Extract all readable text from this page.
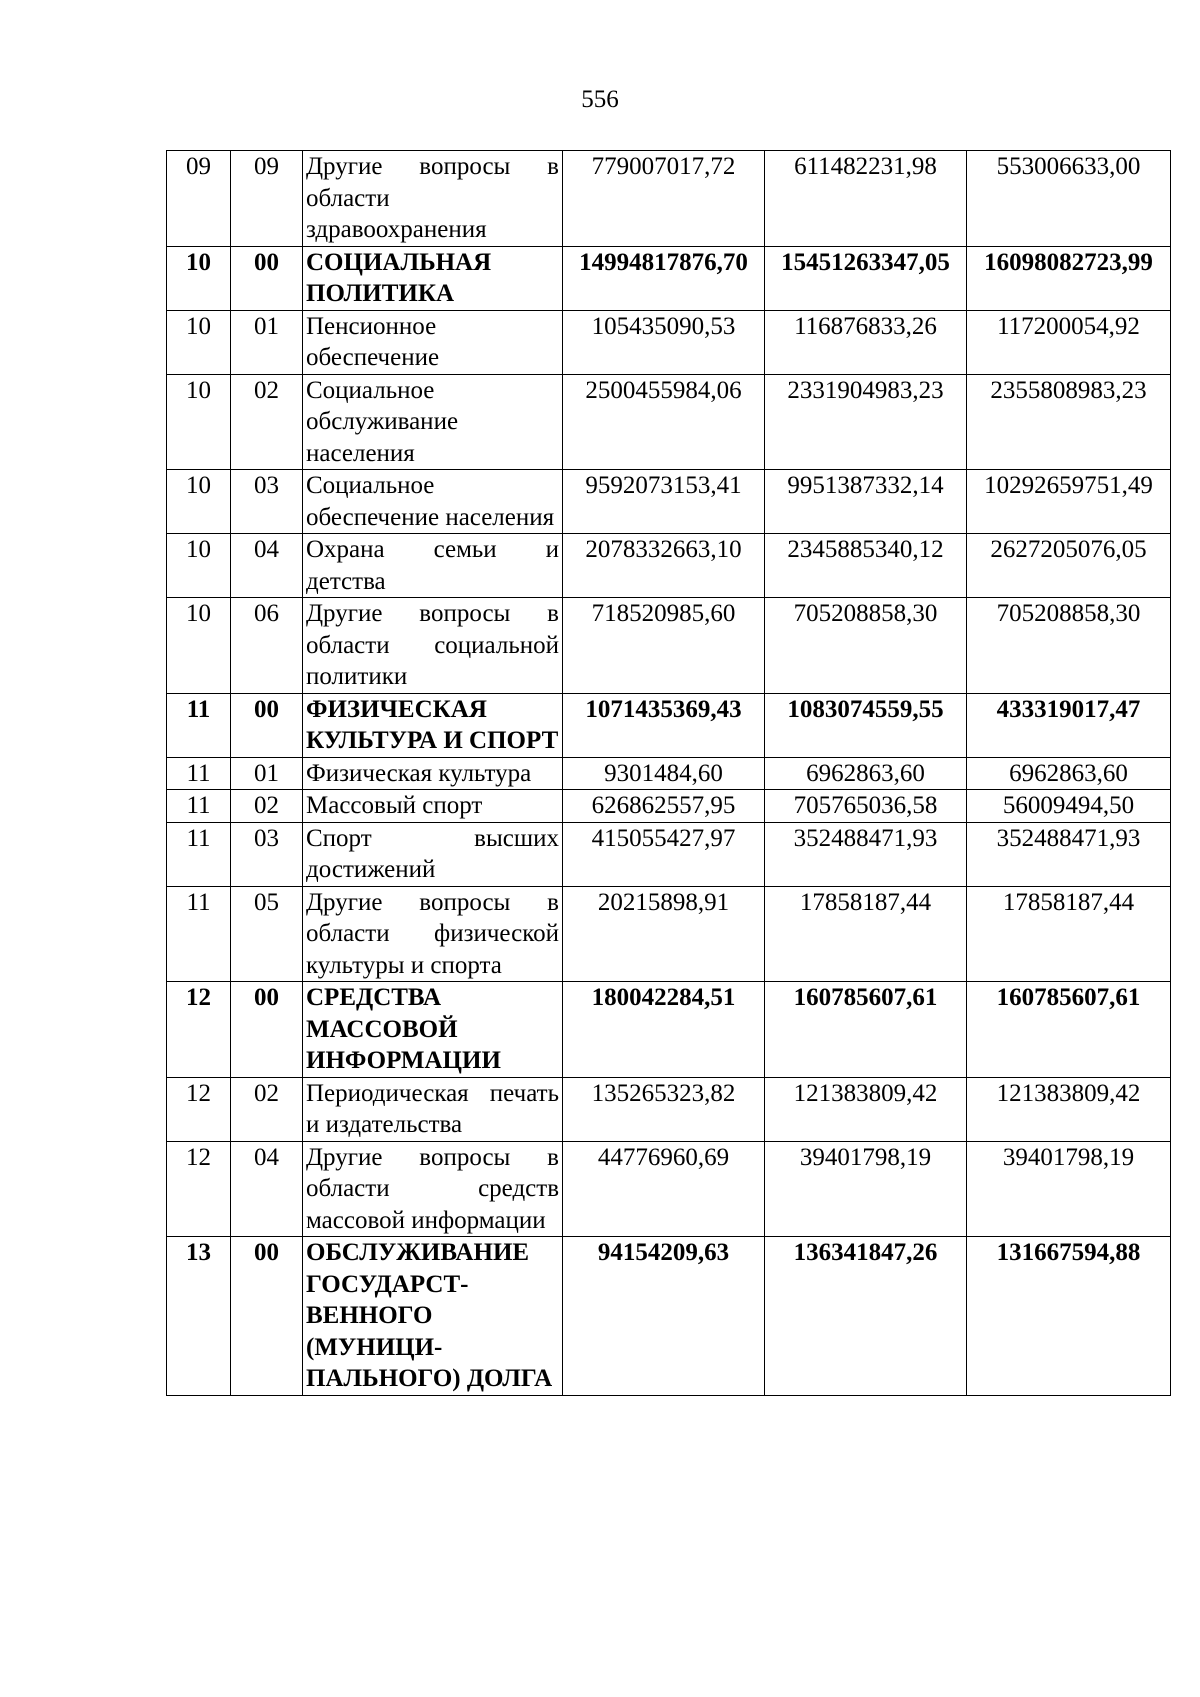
556
09	09	Другие вопросы в области здравоохранения	779007017,72	611482231,98	553006633,00
10	00	СОЦИАЛЬНАЯ ПОЛИТИКА	14994817876,70	15451263347,05	16098082723,99
10	01	Пенсионное обеспечение	105435090,53	116876833,26	117200054,92
10	02	Социальное обслуживание населения	2500455984,06	2331904983,23	2355808983,23
10	03	Социальное обеспечение населения	9592073153,41	9951387332,14	10292659751,49
10	04	Охрана семьи и детства	2078332663,10	2345885340,12	2627205076,05
10	06	Другие вопросы в области социальной политики	718520985,60	705208858,30	705208858,30
11	00	ФИЗИЧЕСКАЯ КУЛЬТУРА И СПОРТ	1071435369,43	1083074559,55	433319017,47
11	01	Физическая культура	9301484,60	6962863,60	6962863,60
11	02	Массовый спорт	626862557,95	705765036,58	56009494,50
11	03	Спорт высших достижений	415055427,97	352488471,93	352488471,93
11	05	Другие вопросы в области физической культуры и спорта	20215898,91	17858187,44	17858187,44
12	00	СРЕДСТВА МАССОВОЙ ИНФОРМАЦИИ	180042284,51	160785607,61	160785607,61
12	02	Периодическая печать и издательства	135265323,82	121383809,42	121383809,42
12	04	Другие вопросы в области средств массовой информации	44776960,69	39401798,19	39401798,19
13	00	ОБСЛУЖИВАНИЕ ГОСУДАРСТ-ВЕННОГО (МУНИЦИ-ПАЛЬНОГО) ДОЛГА	94154209,63	136341847,26	131667594,88
